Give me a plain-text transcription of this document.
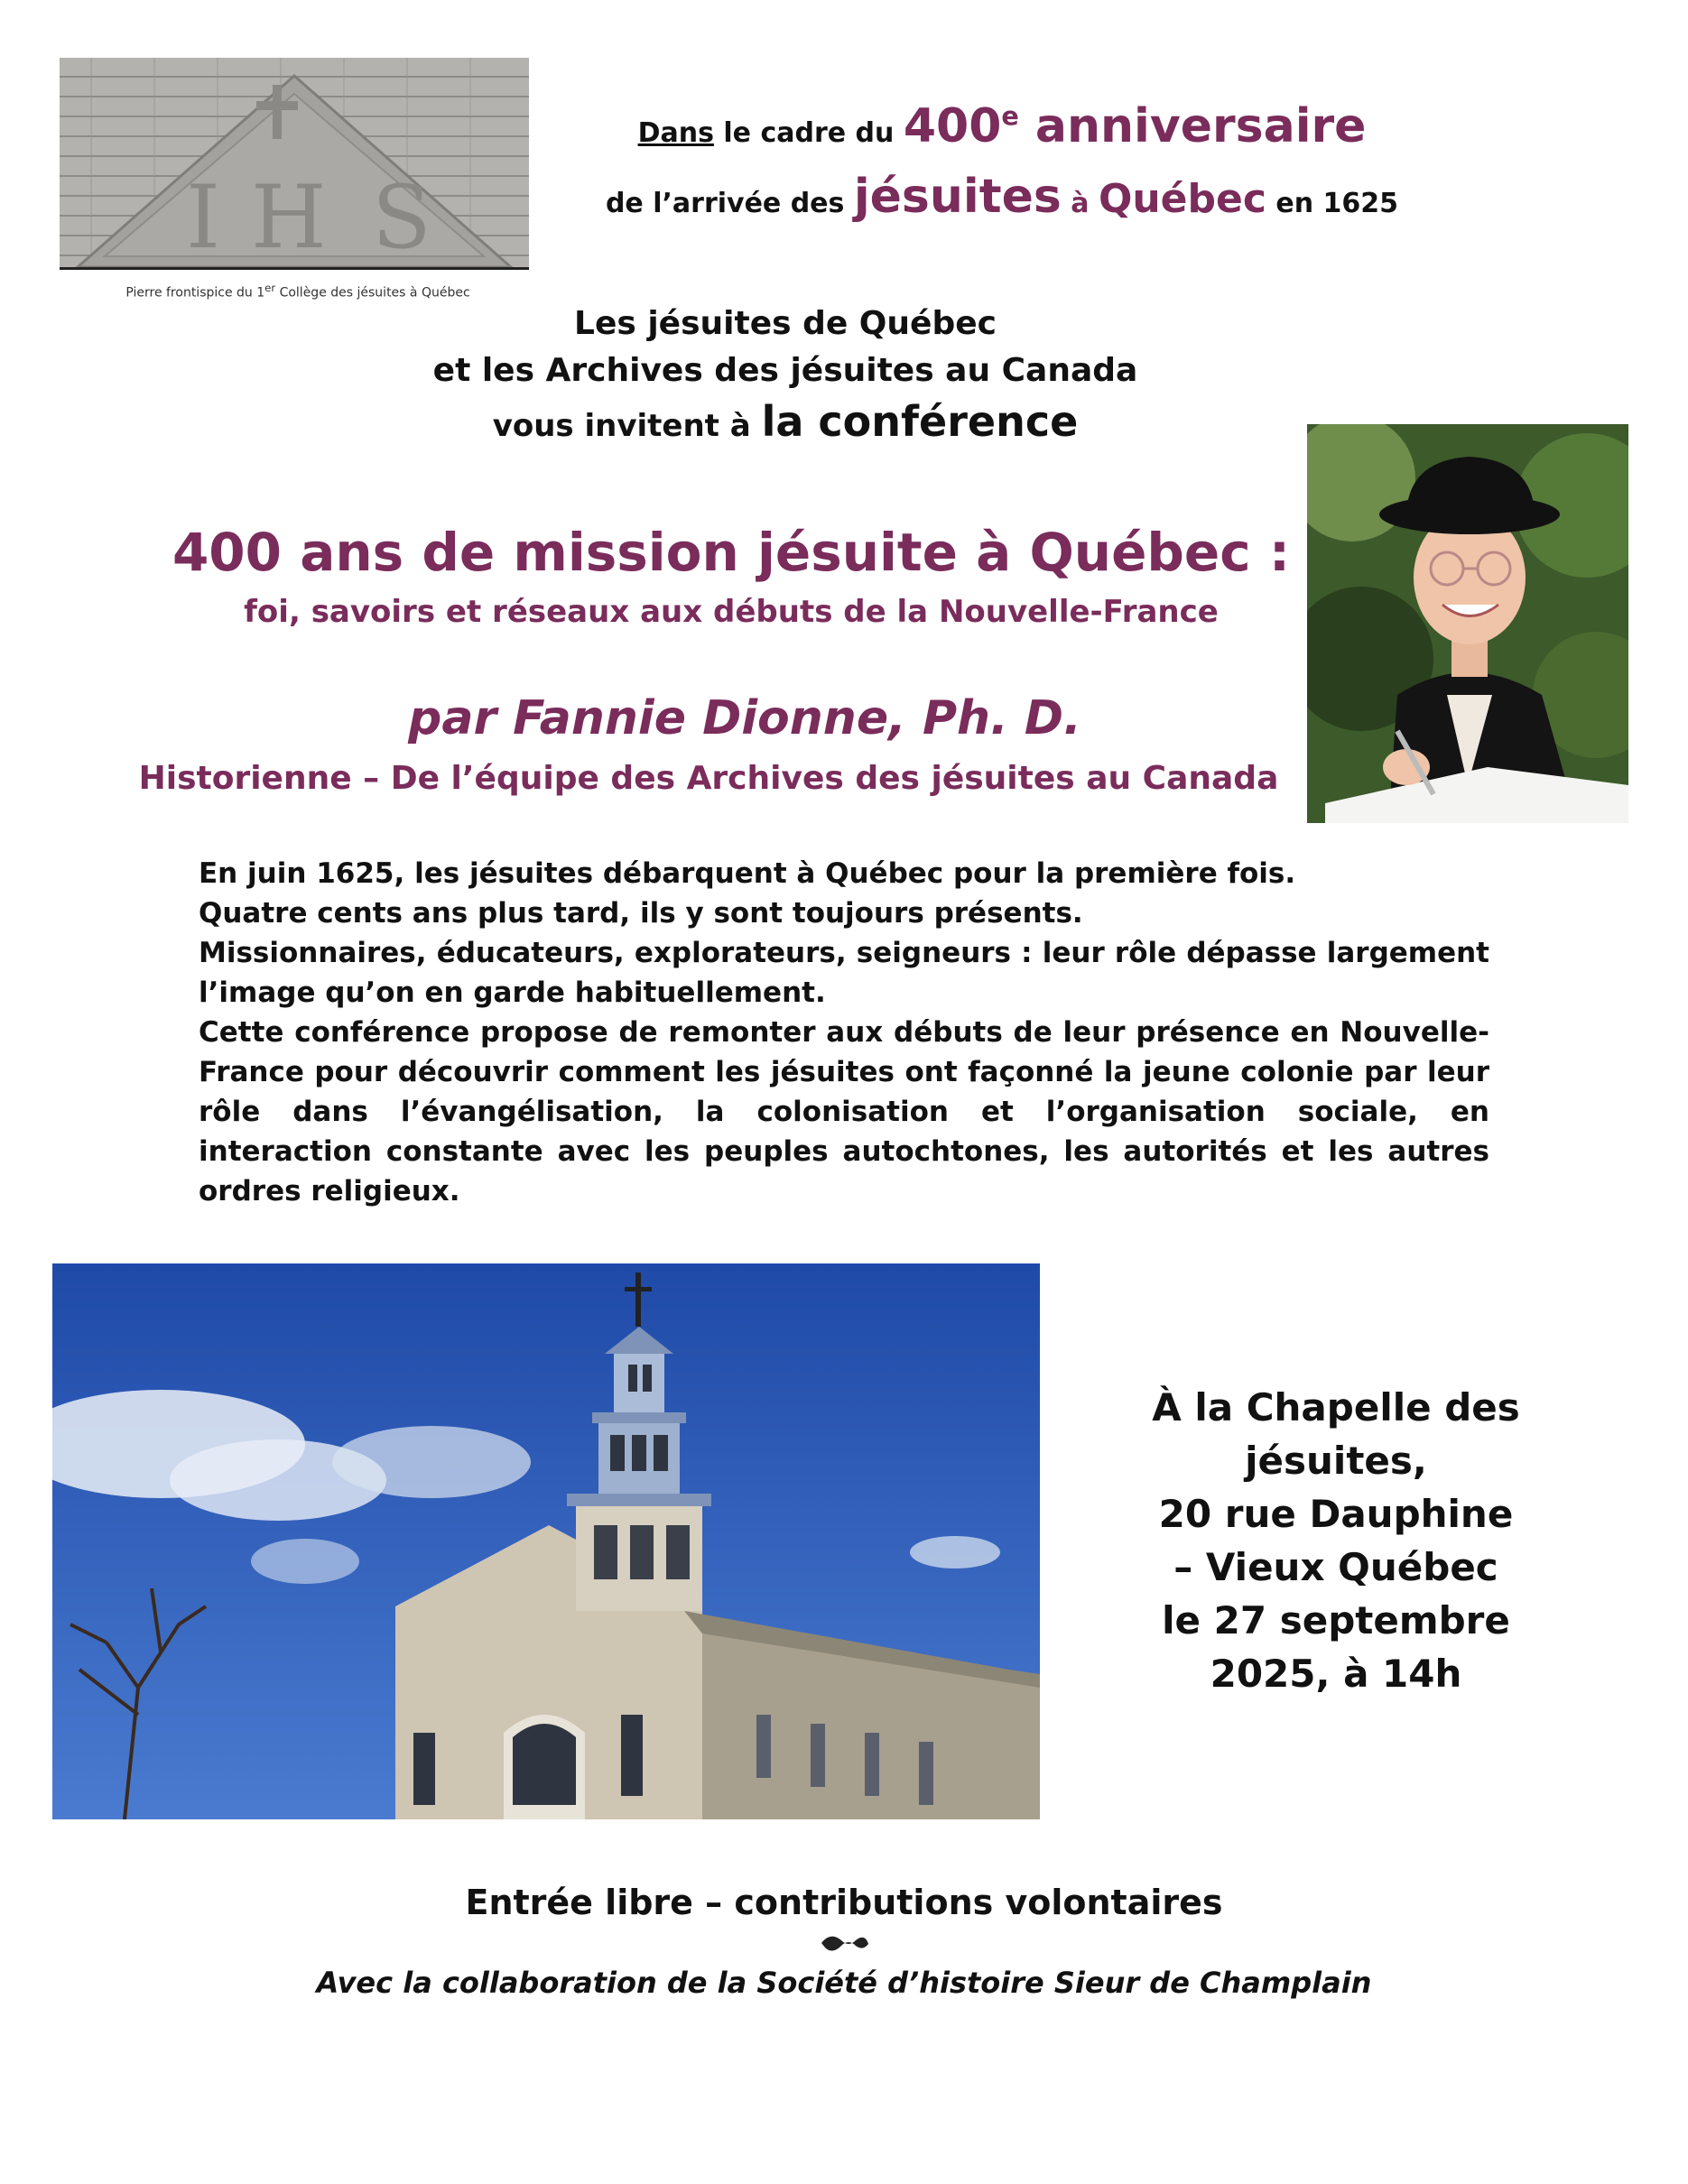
I H S
Pierre frontispice du 1er Collège des jésuites à Québec
Dans le cadre du 400e anniversaire
de l’arrivée des jésuites à Québec en 1625
Les jésuites de Québec
et les Archives des jésuites au Canada
vous invitent à la conférence
400 ans de mission jésuite à Québec :
foi, savoirs et réseaux aux débuts de la Nouvelle-France
par Fannie Dionne, Ph. D.
Historienne – De l’équipe des Archives des jésuites au Canada

En juin 1625, les jésuites débarquent à Québec pour la première fois.

Quatre cents ans plus tard, ils y sont toujours présents.

Missionnaires, éducateurs, explorateurs, seigneurs : leur rôle dépasse largement l’image qu’on en garde habituellement.

Cette conférence propose de remonter aux débuts de leur présence en Nouvelle-France pour découvrir comment les jésuites ont façonné la jeune colonie par leur rôle dans l’évangélisation, la colonisation et l’organisation sociale, en interaction constante avec les peuples autochtones, les autorités et les autres ordres religieux.

À la Chapelle des jésuites,
20 rue Dauphine
– Vieux Québec
le 27 septembre
2025, à 14h
Entrée libre – contributions volontaires
Avec la collaboration de la Société d’histoire Sieur de Champlain
